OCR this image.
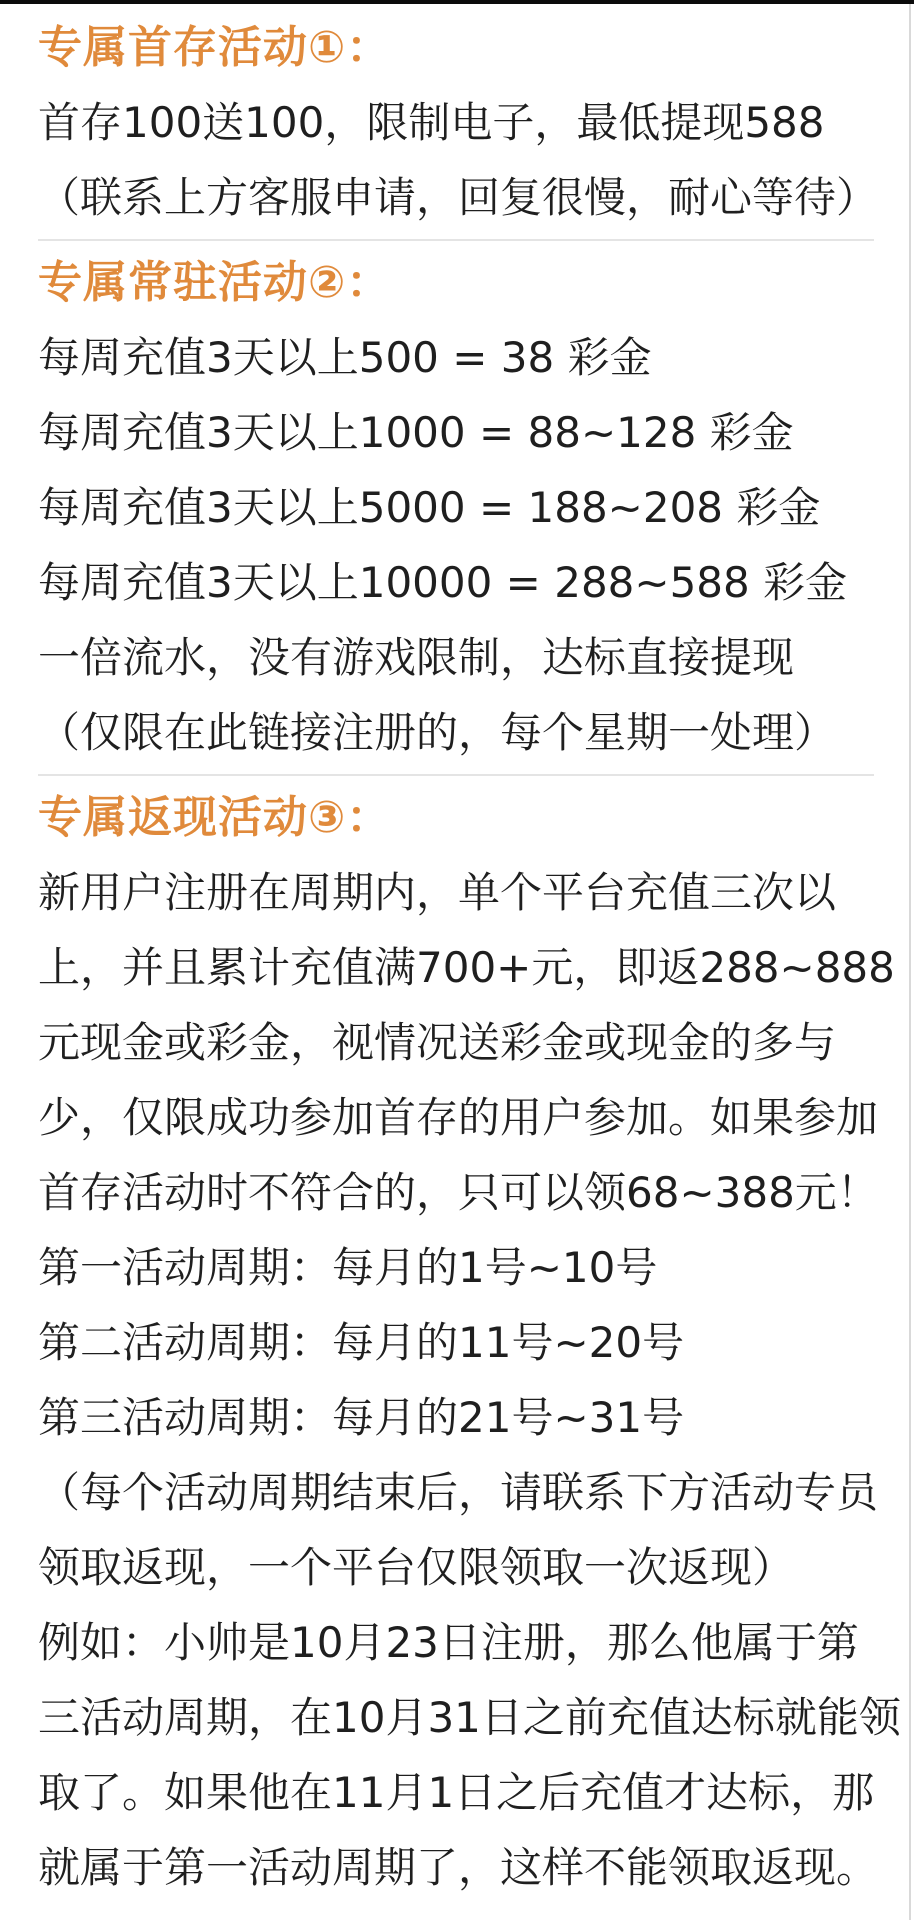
专属首存活动①：
首存100送100，限制电子，最低提现588
（联系上方客服申请，回复很慢，耐心等待）
专属常驻活动②：
每周充值3天以上500 = 38 彩金
每周充值3天以上1000 = 88~128 彩金
每周充值3天以上5000 = 188~208 彩金
每周充值3天以上10000 = 288~588 彩金
一倍流水，没有游戏限制，达标直接提现
（仅限在此链接注册的，每个星期一处理）
专属返现活动③：
新用户注册在周期内，单个平台充值三次以
上，并且累计充值满700+元，即返288~888
元现金或彩金，视情况送彩金或现金的多与
少，仅限成功参加首存的用户参加。如果参加
首存活动时不符合的，只可以领68~388元！
第一活动周期：每月的1号~10号
第二活动周期：每月的11号~20号
第三活动周期：每月的21号~31号
（每个活动周期结束后，请联系下方活动专员
领取返现，一个平台仅限领取一次返现）
例如：小帅是10月23日注册，那么他属于第
三活动周期，在10月31日之前充值达标就能领
取了。如果他在11月1日之后充值才达标，那
就属于第一活动周期了，这样不能领取返现。
